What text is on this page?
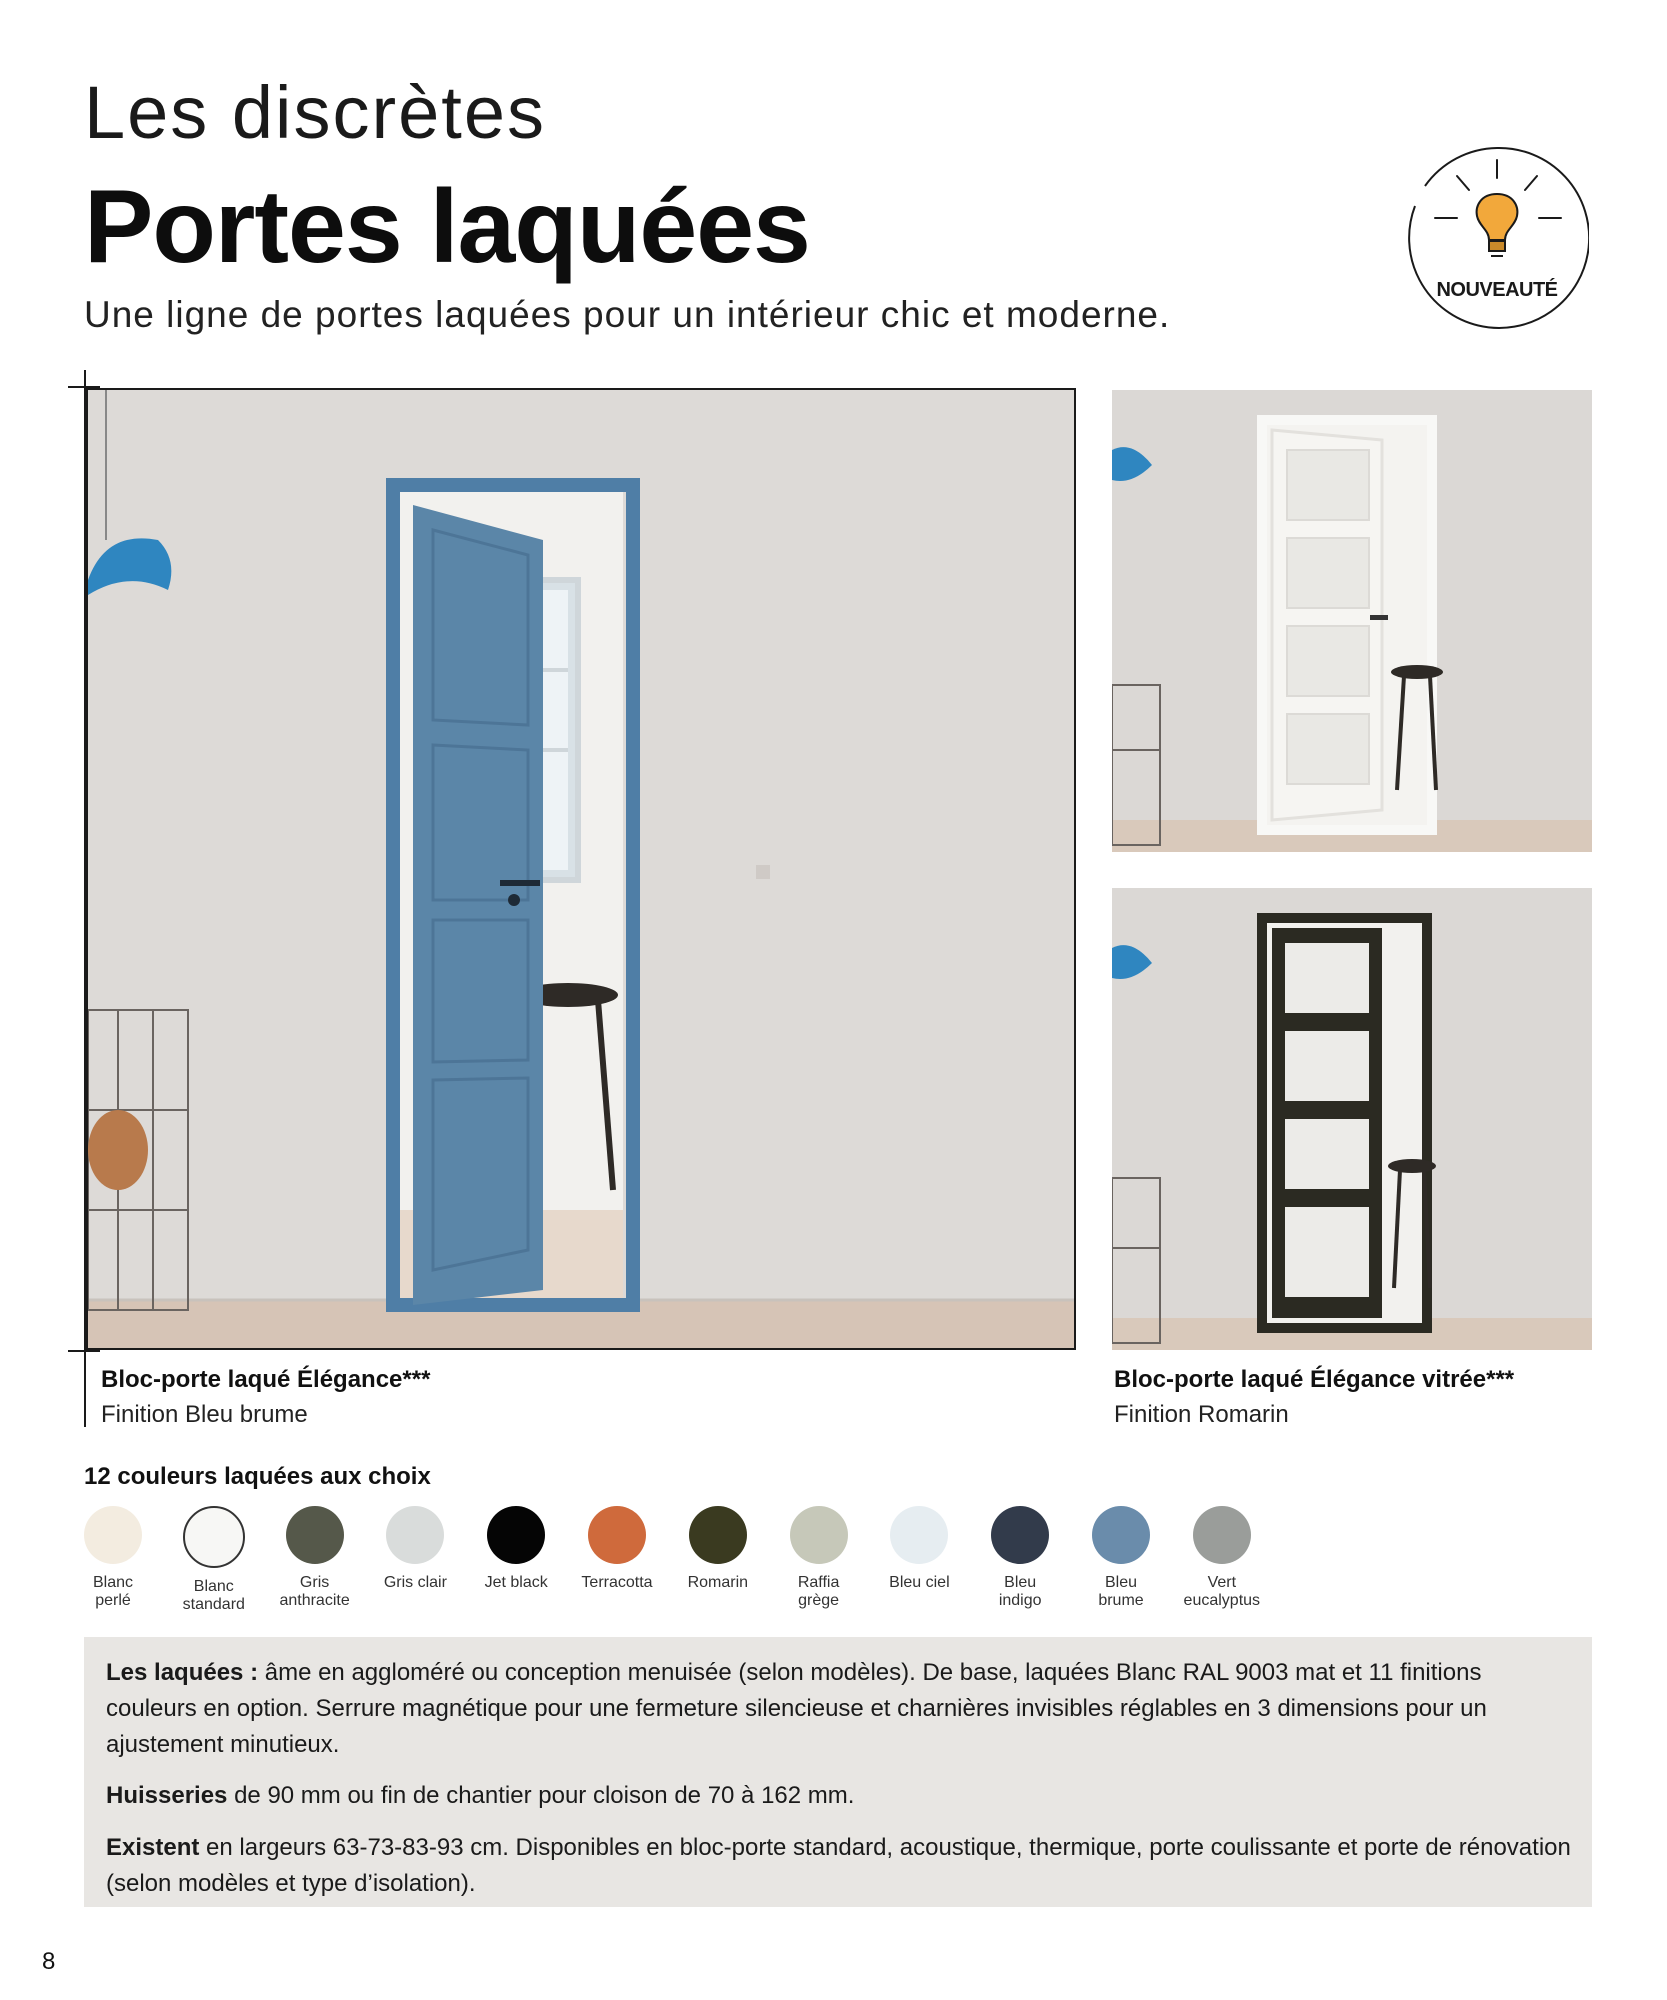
Les discrètes
Portes laquées
Une ligne de portes laquées pour un intérieur chic et moderne.
NOUVEAUTÉ
Bloc-porte laqué Élégance***
Finition Bleu brume
Bloc-porte laqué Élégance vitrée***
Finition Romarin
12 couleurs laquées aux choix
Blanc
perlé
Blanc
standard
Gris
anthracite
Gris clair	Jet black	Terracotta	Romarin	Raffia
grège
Bleu ciel	Bleu
indigo
Bleu
brume
Vert
eucalyptus
Les laquées : âme en aggloméré ou conception menuisée (selon modèles). De base, laquées Blanc RAL 9003 mat et 11 finitions couleurs en option. Serrure magnétique pour une fermeture silencieuse et charnières invisibles réglables en 3 dimensions pour un ajustement minutieux.
Huisseries de 90 mm ou fin de chantier pour cloison de 70 à 162 mm.
Existent en largeurs 63-73-83-93 cm. Disponibles en bloc-porte standard, acoustique, thermique, porte coulissante et porte de rénovation (selon modèles et type d’isolation).
8
